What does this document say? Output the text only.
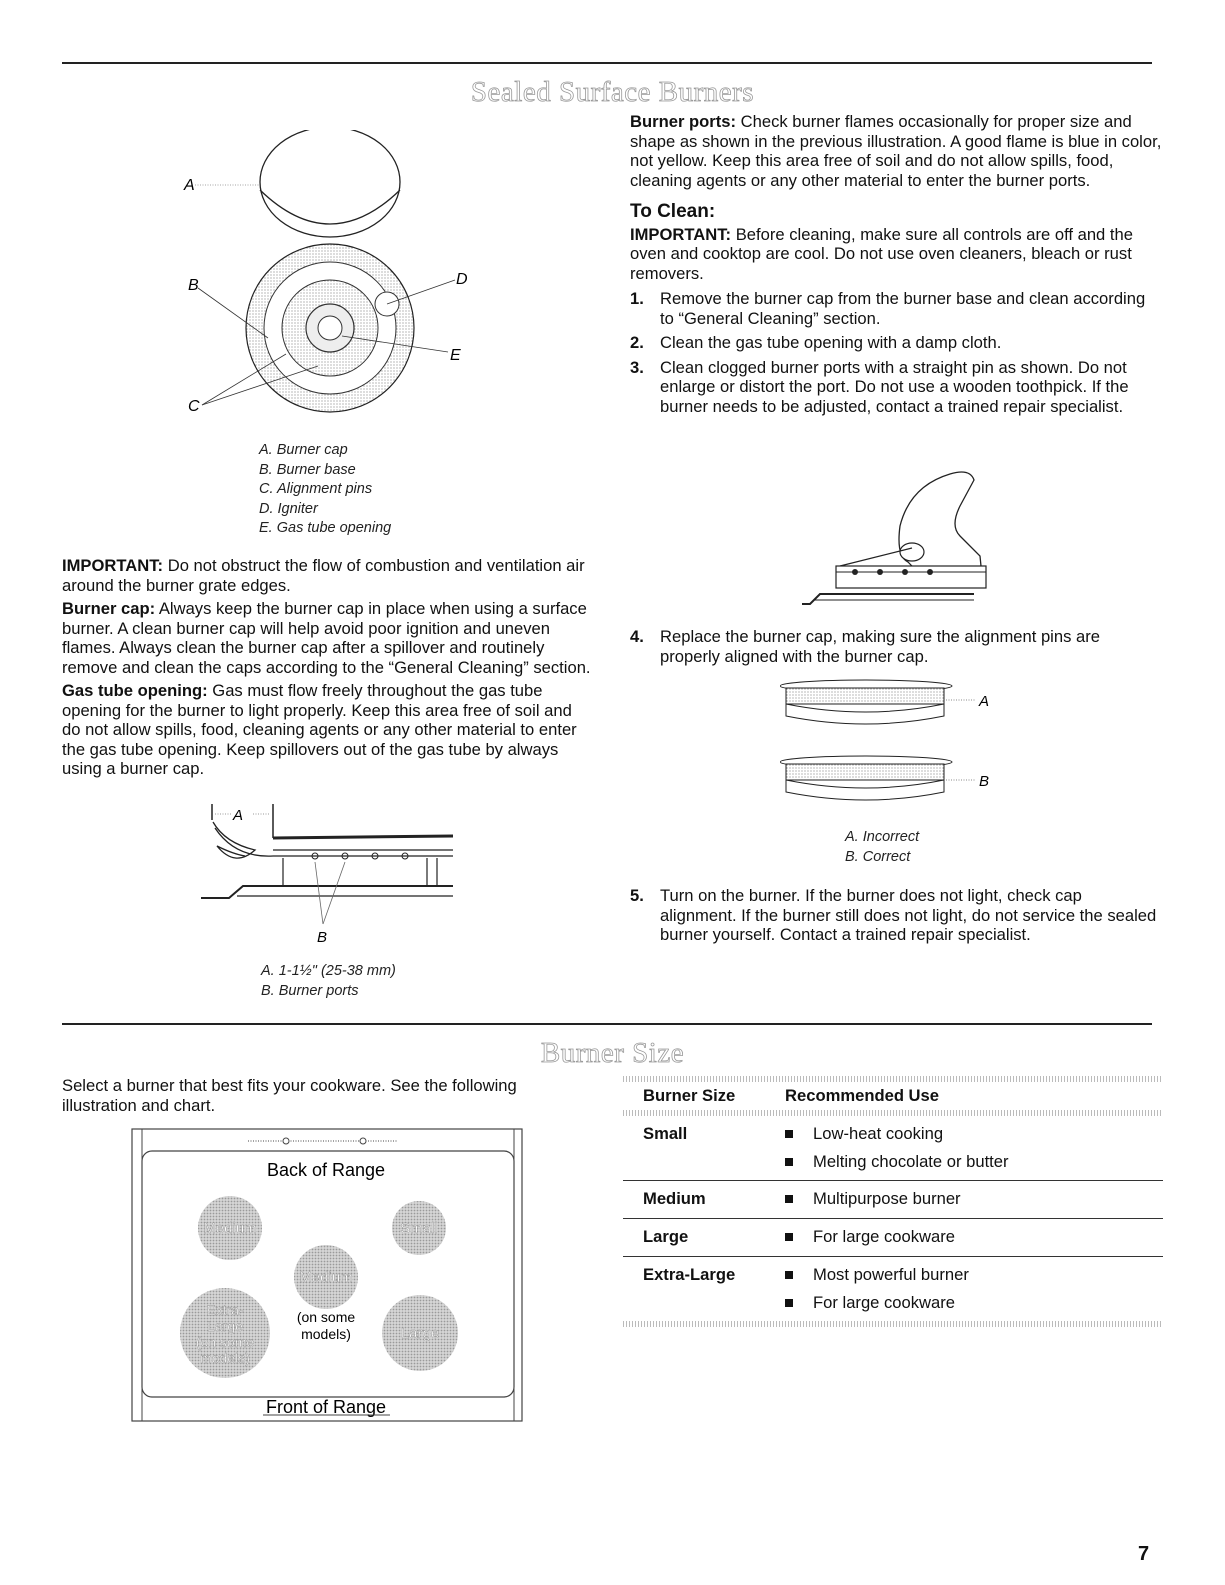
Sealed Surface Burners
A
B	D
E
C
A. Burner cap
B. Burner base
C. Alignment pins
D. Igniter
E. Gas tube opening

IMPORTANT: Do not obstruct the flow of combustion and ventilation air around the burner grate edges.

Burner cap: Always keep the burner cap in place when using a surface burner. A clean burner cap will help avoid poor ignition and uneven flames. Always clean the burner cap after a spillover and routinely remove and clean the caps according to the “General Cleaning” section.

Gas tube opening: Gas must flow freely throughout the gas tube opening for the burner to light properly. Keep this area free of soil and do not allow spills, food, cleaning agents or any other material to enter the gas tube opening. Keep spillovers out of the gas tube by always using a burner cap.

A
B
A. 1-1½" (25-38 mm)
B. Burner ports

Burner ports: Check burner flames occasionally for proper size and shape as shown in the previous illustration. A good flame is blue in color, not yellow. Keep this area free of soil and do not allow spills, food, cleaning agents or any other material to enter the burner ports.

To Clean:

IMPORTANT: Before cleaning, make sure all controls are off and the oven and cooktop are cool. Do not use oven cleaners, bleach or rust removers.

1. Remove the burner cap from the burner base and clean according to “General Cleaning” section.
2. Clean the gas tube opening with a damp cloth.
3. Clean clogged burner ports with a straight pin as shown. Do not enlarge or distort the port. Do not use a wooden toothpick. If the burner needs to be adjusted, contact a trained repair specialist.
4. Replace the burner cap, making sure the alignment pins are properly aligned with the burner cap.
A
B
A. Incorrect
B. Correct
5. Turn on the burner. If the burner does not light, check cap alignment. If the burner still does not light, do not service the sealed burner yourself. Contact a trained repair specialist.
Burner Size
Select a burner that best fits your cookware. See the following illustration and chart.
Back of Range
Front of Range
Medium	Small
Medium
(on some
models)
Extra-
Large
(on some
models)
Large
Burner Size	Recommended Use
Small	Low-heat cooking
Melting chocolate or butter
Medium	Multipurpose burner
Large	For large cookware
Extra-Large	Most powerful burner
For large cookware
7
